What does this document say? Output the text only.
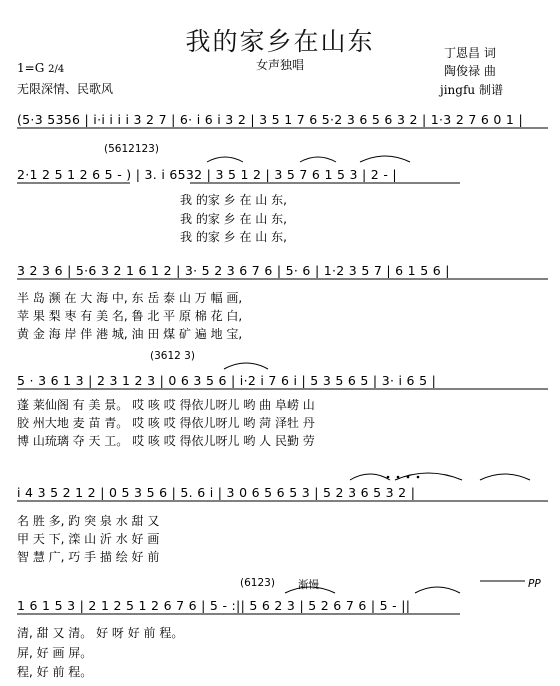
我的家乡在山东
女声独唱
1=G 2/4
无限深情、民歌风
丁恩昌 词
陶俊禄 曲
jingfu 制谱
(5·3 5356 | i·i i i i 3 2 7 | 6· i 6 i 3 2 | 3 5 1 7 6 5·2 3 6 5 6 3 2 | 1·3 2 7 6 0 1 |
(5612123)
2·1 2 5 1 2 6 5 - ) | 3. i 6532 | 3 5 1 2 | 3 5 7 6 1 5 3 | 2 - |
我 的家 乡 在 山 东,
我 的家 乡 在 山 东,
我 的家 乡 在 山 东,
3 2 3 6 | 5·6 3 2 1 6 1 2 | 3· 5 2 3 6 7 6 | 5· 6 | 1·2 3 5 7 | 6 1 5 6 |
半 岛 濒 在 大 海 中, 东 岳 泰 山 万 幅 画,
苹 果 梨 枣 有 美 名, 鲁 北 平 原 棉 花 白,
黄 金 海 岸 伴 港 城, 油 田 煤 矿 遍 地 宝,
(3612 3)
5 · 3 6 1 3 | 2 3 1 2 3 | 0 6 3 5 6 | i·2 i 7 6 i | 5 3 5 6 5 | 3· i 6 5 |
蓬 莱仙阁 有 美 景。 哎 咳 哎 得依儿呀儿 哟 曲 阜崂 山
胶 州大地 麦 苗 青。 哎 咳 哎 得依儿呀儿 哟 菏 泽牡 丹
博 山琉璃 夺 天 工。 哎 咳 哎 得依儿呀儿 哟 人 民勤 劳
i 4 3 5 2 1 2 | 0 5 3 5 6 | 5. 6 i | 3 0 6 5 6 5 3 | 5 2 3 6 5 3 2 |
名 胜 多, 趵 突 泉 水 甜 又
甲 天 下, 滦 山 沂 水 好 画
智 慧 广, 巧 手 描 绘 好 前
(6123) 渐慢	PP
1 6 1 5 3 | 2 1 2 5 1 2 6 7 6 | 5 - :|| 5 6 2 3 | 5 2 6 7 6 | 5 - ||
清, 甜 又 清。 好 呀 好 前 程。
屏, 好 画 屏。
程, 好 前 程。
